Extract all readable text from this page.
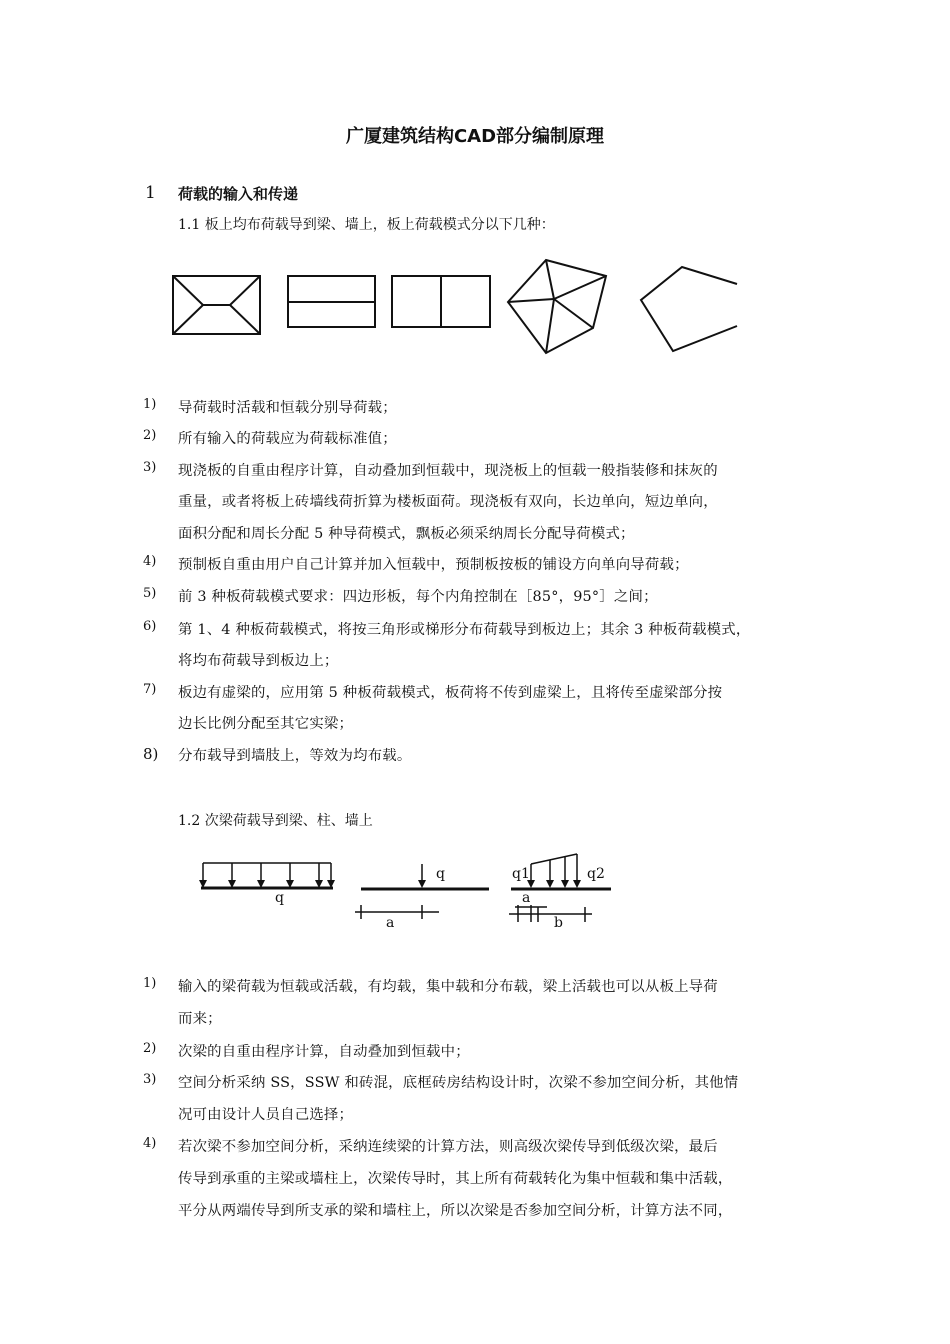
广厦建筑结构CAD部分编制原理
1 荷载的输入和传递
1.1 板上均布荷载导到梁、墙上，板上荷载模式分以下几种：
1) 导荷载时活载和恒载分别导荷载；
2) 所有输入的荷载应为荷载标准值；
3) 现浇板的自重由程序计算，自动叠加到恒载中，现浇板上的恒载一般指装修和抹灰的
重量，或者将板上砖墙线荷折算为楼板面荷。现浇板有双向，长边单向，短边单向，
面积分配和周长分配 5 种导荷模式，飘板必须采纳周长分配导荷模式；
4) 预制板自重由用户自己计算并加入恒载中，预制板按板的铺设方向单向导荷载；
5) 前 3 种板荷载模式要求：四边形板，每个内角控制在［85°，95°］之间；
6) 第 1、4 种板荷载模式，将按三角形或梯形分布荷载导到板边上；其余 3 种板荷载模式，
将均布荷载导到板边上；
7) 板边有虚梁的，应用第 5 种板荷载模式，板荷将不传到虚梁上，且将传至虚梁部分按
边长比例分配至其它实梁；
8) 分布载导到墙肢上，等效为均布载。
1.2 次梁荷载导到梁、柱、墙上
q
q
a
q1	q2
a
b
1) 输入的梁荷载为恒载或活载，有均载，集中载和分布载，梁上活载也可以从板上导荷
而来；
2) 次梁的自重由程序计算，自动叠加到恒载中；
3) 空间分析采纳 SS，SSW 和砖混，底框砖房结构设计时，次梁不参加空间分析，其他情
况可由设计人员自己选择；
4) 若次梁不参加空间分析，采纳连续梁的计算方法，则高级次梁传导到低级次梁，最后
传导到承重的主梁或墙柱上，次梁传导时，其上所有荷载转化为集中恒载和集中活载，
平分从两端传导到所支承的梁和墙柱上，所以次梁是否参加空间分析，计算方法不同，
